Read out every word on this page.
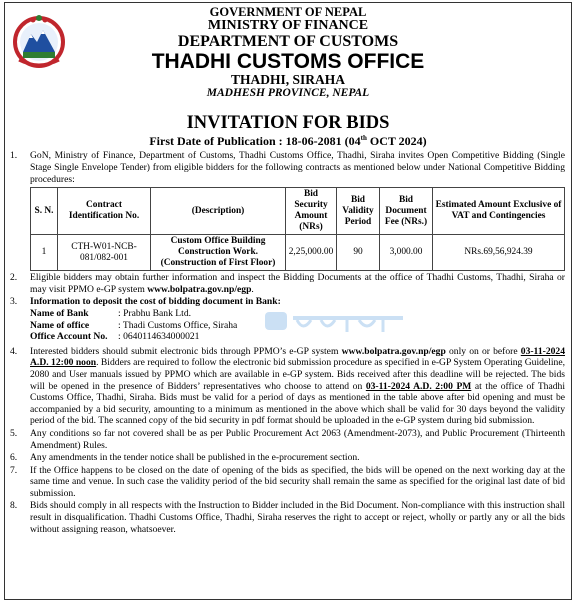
GOVERNMENT OF NEPAL
MINISTRY OF FINANCE
DEPARTMENT OF CUSTOMS
THADHI CUSTOMS OFFICE
THADHI, SIRAHA
MADHESH PROVINCE, NEPAL
INVITATION FOR BIDS
First Date of Publication : 18-06-2081 (04th OCT 2024)
1.	GoN, Ministry of Finance, Department of Customs, Thadhi Customs Office, Thadhi, Siraha invites Open Competitive Bidding (Single Stage Single Envelope Tender) from eligible bidders for the following contracts as mentioned below under National Competitive Bidding procedures:
S. N.	Contract Identification No.	(Description)	Bid Security Amount (NRs)	Bid Validity Period	Bid Document Fee (NRs.)	Estimated Amount Exclusive of VAT and Contingencies
1	CTH-W01-NCB-081/082-001	Custom Office Building Construction Work. (Construction of First Floor)	2,25,000.00	90	3,000.00	NRs.69,56,924.39
2.	Eligible bidders may obtain further information and inspect the Bidding Documents at the office of Thadhi Customs, Thadhi, Siraha or may visit PPMO e-GP system www.bolpatra.gov.np/egp.
3.	Information to deposit the cost of bidding document in Bank:
Name of Bank	: Prabhu Bank Ltd.
Name of office	: Thadi Customs Office, Siraha
Office Account No.	: 0640114634000021
4.	Interested bidders should submit electronic bids through PPMO’s e-GP system www.bolpatra.gov.np/egp only on or before 03-11-2024 A.D. 12:00 noon. Bidders are required to follow the electronic bid submission procedure as specified in e-GP System Operating Guideline, 2080 and User manuals issued by PPMO which are available in e-GP system. Bids received after this deadline will be rejected. The bids will be opened in the presence of Bidders’ representatives who choose to attend on 03-11-2024 A.D. 2:00 PM at the office of Thadhi Customs Office, Thadhi, Siraha. Bids must be valid for a period of days as mentioned in the table above after bid opening and must be accompanied by a bid security, amounting to a minimum as mentioned in the above which shall be valid for 30 days beyond the validity period of the bid. The scanned copy of the bid security in pdf format should be uploaded in the e-GP system during bid submission.
5.	Any conditions so far not covered shall be as per Public Procurement Act 2063 (Amendment-2073), and Public Procurement (Thirteenth Amendment) Rules.
6.	Any amendments in the tender notice shall be published in the e-procurement section.
7.	If the Office happens to be closed on the date of opening of the bids as specified, the bids will be opened on the next working day at the same time and venue. In such case the validity period of the bid security shall remain the same as specified for the original last date of bid submission.
8.	Bids should comply in all respects with the Instruction to Bidder included in the Bid Document. Non-compliance with this instruction shall result in disqualification. Thadhi Customs Office, Thadhi, Siraha reserves the right to accept or reject, wholly or partly any or all the bids without assigning reason, whatsoever.
